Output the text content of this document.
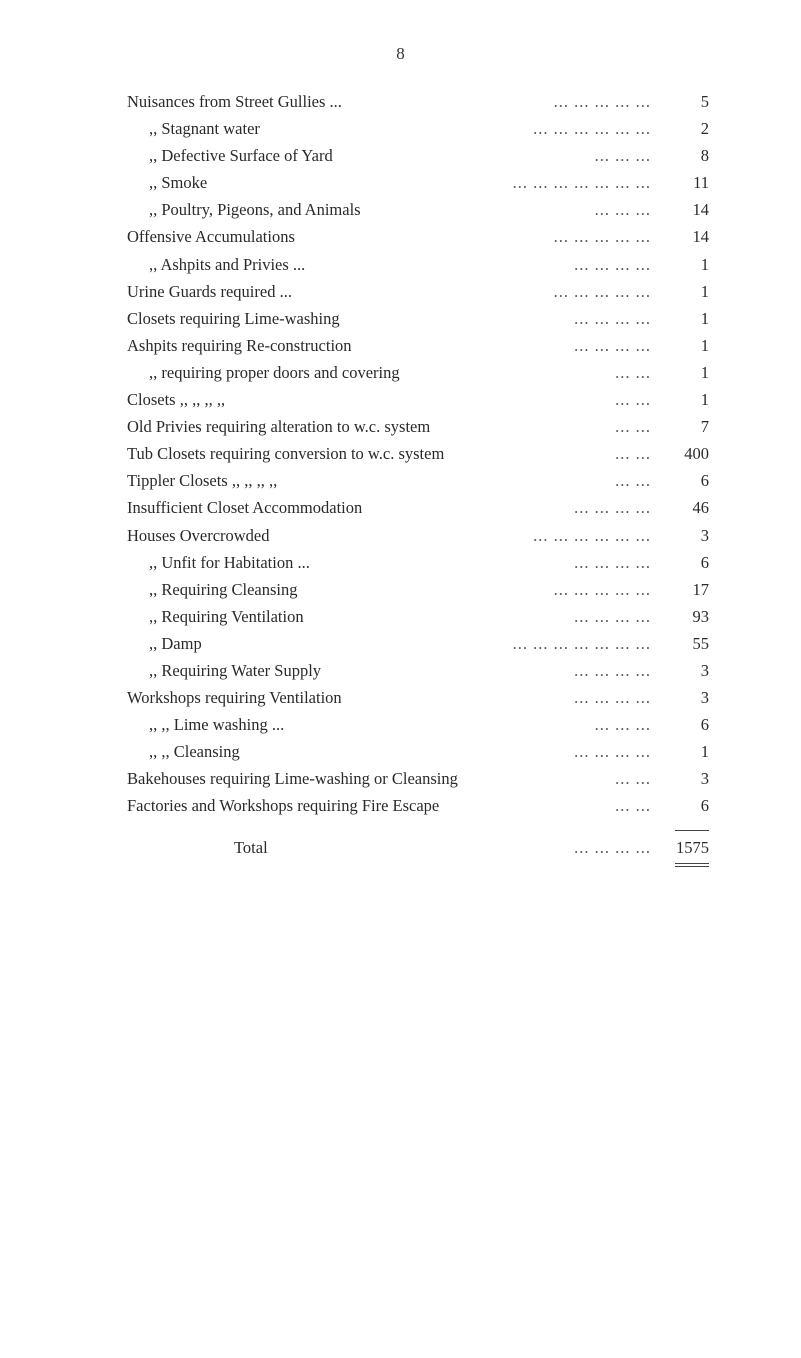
8
Nuisances from Street Gullies ...	... ... ... ... ...	5
,, Stagnant water	... ... ... ... ... ...	2
,, Defective Surface of Yard	... ... ...	8
,, Smoke	... ... ... ... ... ... ...	11
,, Poultry, Pigeons, and Animals	... ... ...	14
Offensive Accumulations	... ... ... ... ...	14
,, Ashpits and Privies ...	... ... ... ...	1
Urine Guards required ...	... ... ... ... ...	1
Closets requiring Lime-washing	... ... ... ...	1
Ashpits requiring Re-construction	... ... ... ...	1
,, requiring proper doors and covering	... ...	1
Closets ,, ,, ,, ,,	... ...	1
Old Privies requiring alteration to w.c. system	... ...	7
Tub Closets requiring conversion to w.c. system	... ...	400
Tippler Closets ,, ,, ,, ,,	... ...	6
Insufficient Closet Accommodation	... ... ... ...	46
Houses Overcrowded	... ... ... ... ... ...	3
,, Unfit for Habitation ...	... ... ... ...	6
,, Requiring Cleansing	... ... ... ... ...	17
,, Requiring Ventilation	... ... ... ...	93
,, Damp	... ... ... ... ... ... ...	55
,, Requiring Water Supply	... ... ... ...	3
Workshops requiring Ventilation	... ... ... ...	3
,, ,, Lime washing ...	... ... ...	6
,, ,, Cleansing	... ... ... ...	1
Bakehouses requiring Lime-washing or Cleansing	... ...	3
Factories and Workshops requiring Fire Escape	... ...	6
Total	... ... ... ...	1575
